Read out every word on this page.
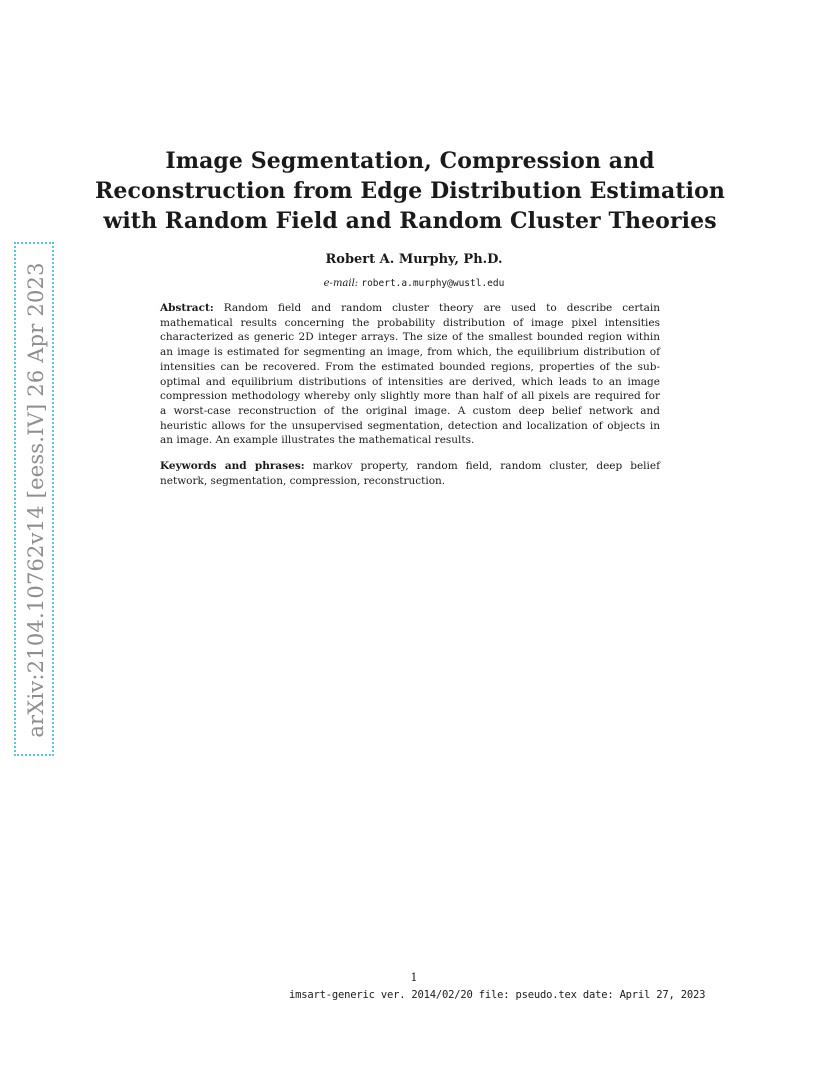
arXiv:2104.10762v14 [eess.IV] 26 Apr 2023
Image Segmentation, Compression and
Reconstruction from Edge Distribution Estimation
with Random Field and Random Cluster Theories
Robert A. Murphy, Ph.D.
e-mail: robert.a.murphy@wustl.edu

Abstract: Random field and random cluster theory are used to describe certain mathematical results concerning the probability distribution of image pixel intensities characterized as generic 2D integer arrays. The size of the smallest bounded region within an image is estimated for segmenting an image, from which, the equilibrium distribution of intensities can be recovered. From the estimated bounded regions, properties of the sub-optimal and equilibrium distributions of intensities are derived, which leads to an image compression methodology whereby only slightly more than half of all pixels are required for a worst-case reconstruction of the original image. A custom deep belief network and heuristic allows for the unsupervised segmentation, detection and localization of objects in an image. An example illustrates the mathematical results.

Keywords and phrases: markov property, random field, random cluster, deep belief network, segmentation, compression, reconstruction.

1
imsart-generic ver. 2014/02/20 file: pseudo.tex date: April 27, 2023
